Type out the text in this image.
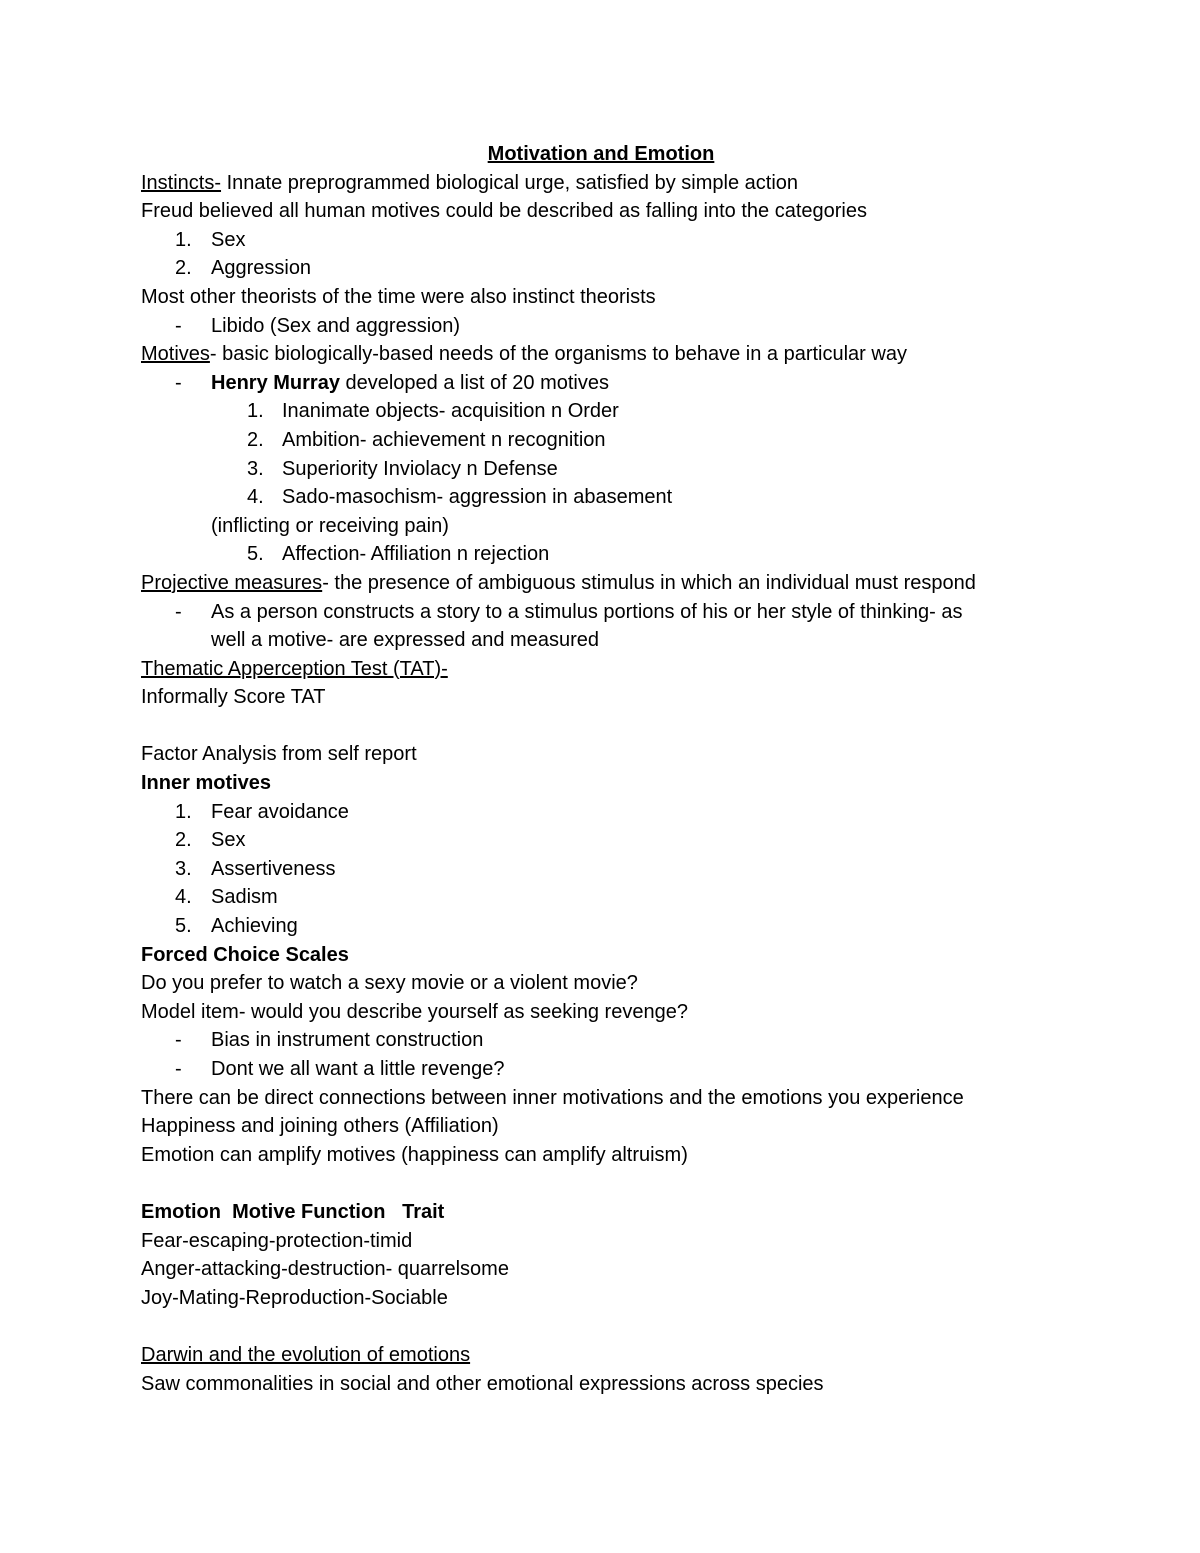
Motivation and Emotion
Instincts- Innate preprogrammed biological urge, satisfied by simple action
Freud believed all human motives could be described as falling into the categories
1. Sex
2. Aggression
Most other theorists of the time were also instinct theorists
- Libido (Sex and aggression)
Motives- basic biologically-based needs of the organisms to behave in a particular way
- Henry Murray developed a list of 20 motives
1. Inanimate objects- acquisition n Order
2. Ambition- achievement n recognition
3. Superiority Inviolacy n Defense
4. Sado-masochism- aggression in abasement
(inflicting or receiving pain)
5. Affection- Affiliation n rejection
Projective measures- the presence of ambiguous stimulus in which an individual must respond
- As a person constructs a story to a stimulus portions of his or her style of thinking- as
well a motive- are expressed and measured
Thematic Apperception Test (TAT)-
Informally Score TAT
Factor Analysis from self report
Inner motives
1. Fear avoidance
2. Sex
3. Assertiveness
4. Sadism
5. Achieving
Forced Choice Scales
Do you prefer to watch a sexy movie or a violent movie?
Model item- would you describe yourself as seeking revenge?
- Bias in instrument construction
- Dont we all want a little revenge?
There can be direct connections between inner motivations and the emotions you experience
Happiness and joining others (Affiliation)
Emotion can amplify motives (happiness can amplify altruism)
Emotion  Motive Function   Trait
Fear-escaping-protection-timid
Anger-attacking-destruction- quarrelsome
Joy-Mating-Reproduction-Sociable
Darwin and the evolution of emotions
Saw commonalities in social and other emotional expressions across species
